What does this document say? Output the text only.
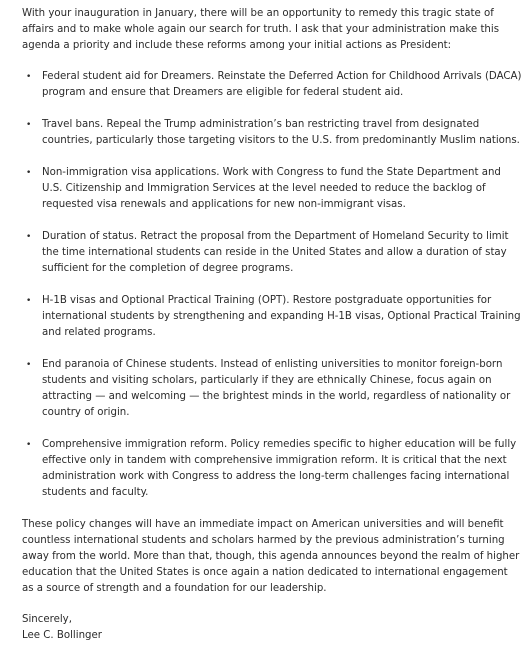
With your inauguration in January, there will be an opportunity to remedy this tragic state of affairs and to make whole again our search for truth. I ask that your administration make this agenda a priority and include these reforms among your initial actions as President:

• Federal student aid for Dreamers. Reinstate the Deferred Action for Childhood Arrivals (DACA) program and ensure that Dreamers are eligible for federal student aid.
• Travel bans. Repeal the Trump administration’s ban restricting travel from designated countries, particularly those targeting visitors to the U.S. from predominantly Muslim nations.
• Non-immigration visa applications. Work with Congress to fund the State Department and U.S. Citizenship and Immigration Services at the level needed to reduce the backlog of requested visa renewals and applications for new non-immigrant visas.
• Duration of status. Retract the proposal from the Department of Homeland Security to limit the time international students can reside in the United States and allow a duration of stay sufficient for the completion of degree programs.
• H-1B visas and Optional Practical Training (OPT). Restore postgraduate opportunities for international students by strengthening and expanding H-1B visas, Optional Practical Training and related programs.
• End paranoia of Chinese students. Instead of enlisting universities to monitor foreign-born students and visiting scholars, particularly if they are ethnically Chinese, focus again on attracting — and welcoming — the brightest minds in the world, regardless of nationality or country of origin.
• Comprehensive immigration reform. Policy remedies specific to higher education will be fully effective only in tandem with comprehensive immigration reform. It is critical that the next administration work with Congress to address the long-term challenges facing international students and faculty.

These policy changes will have an immediate impact on American universities and will benefit countless international students and scholars harmed by the previous administration’s turning away from the world. More than that, though, this agenda announces beyond the realm of higher education that the United States is once again a nation dedicated to international engagement as a source of strength and a foundation for our leadership.

Sincerely,

Lee C. Bollinger
